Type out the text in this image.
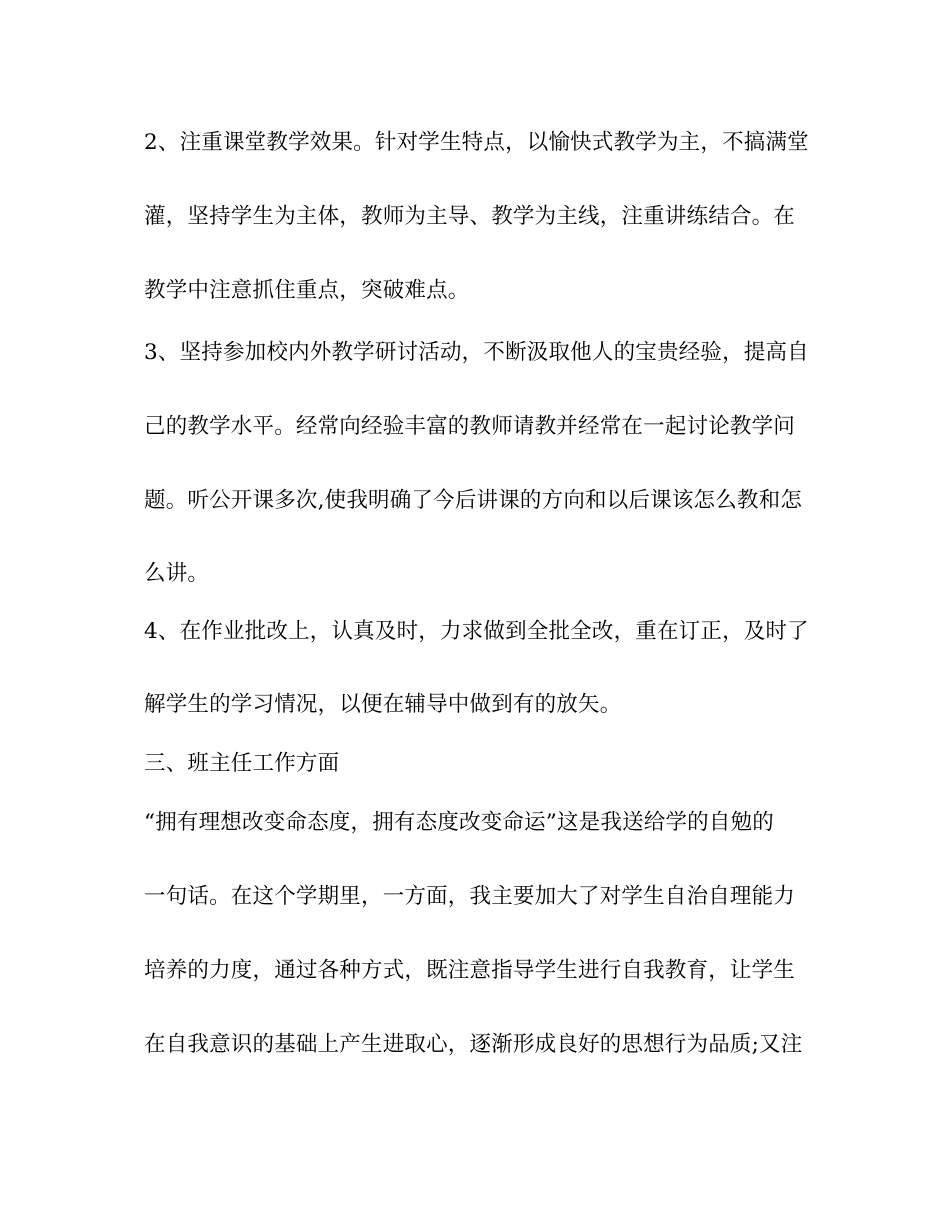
2、注重课堂教学效果。针对学生特点，以愉快式教学为主，不搞满堂
灌，坚持学生为主体，教师为主导、教学为主线，注重讲练结合。在
教学中注意抓住重点，突破难点。
3、坚持参加校内外教学研讨活动，不断汲取他人的宝贵经验，提高自
己的教学水平。经常向经验丰富的教师请教并经常在一起讨论教学问
题。听公开课多次,使我明确了今后讲课的方向和以后课该怎么教和怎
么讲。
4、在作业批改上，认真及时，力求做到全批全改，重在订正，及时了
解学生的学习情况，以便在辅导中做到有的放矢。
三、班主任工作方面
“拥有理想改变命态度，拥有态度改变命运”这是我送给学的自勉的
一句话。在这个学期里，一方面，我主要加大了对学生自治自理能力
培养的力度，通过各种方式，既注意指导学生进行自我教育，让学生
在自我意识的基础上产生进取心，逐渐形成良好的思想行为品质;又注
